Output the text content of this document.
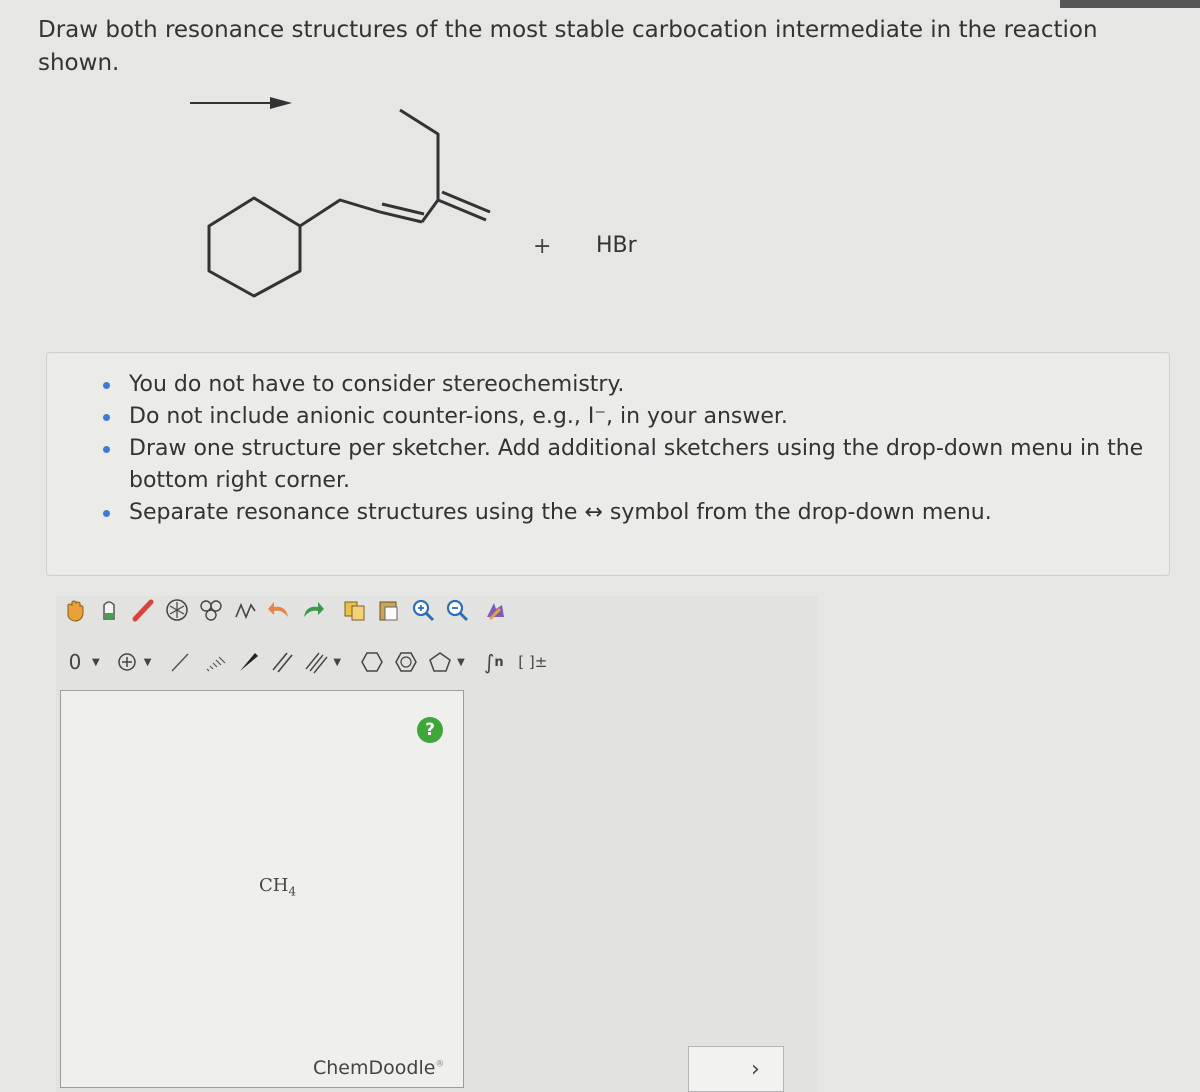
Draw both resonance structures of the most stable carbocation intermediate in the reaction shown.
+ HBr
You do not have to consider stereochemistry.
Do not include anionic counter-ions, e.g., I⁻, in your answer.
Draw one structure per sketcher. Add additional sketchers using the drop-down menu in the bottom right corner.
Separate resonance structures using the ↔ symbol from the drop-down menu.
0 ▼	▼	▼	▼ ∫ n [ ]±
?
$CH_4$
ChemDoodle®	›
